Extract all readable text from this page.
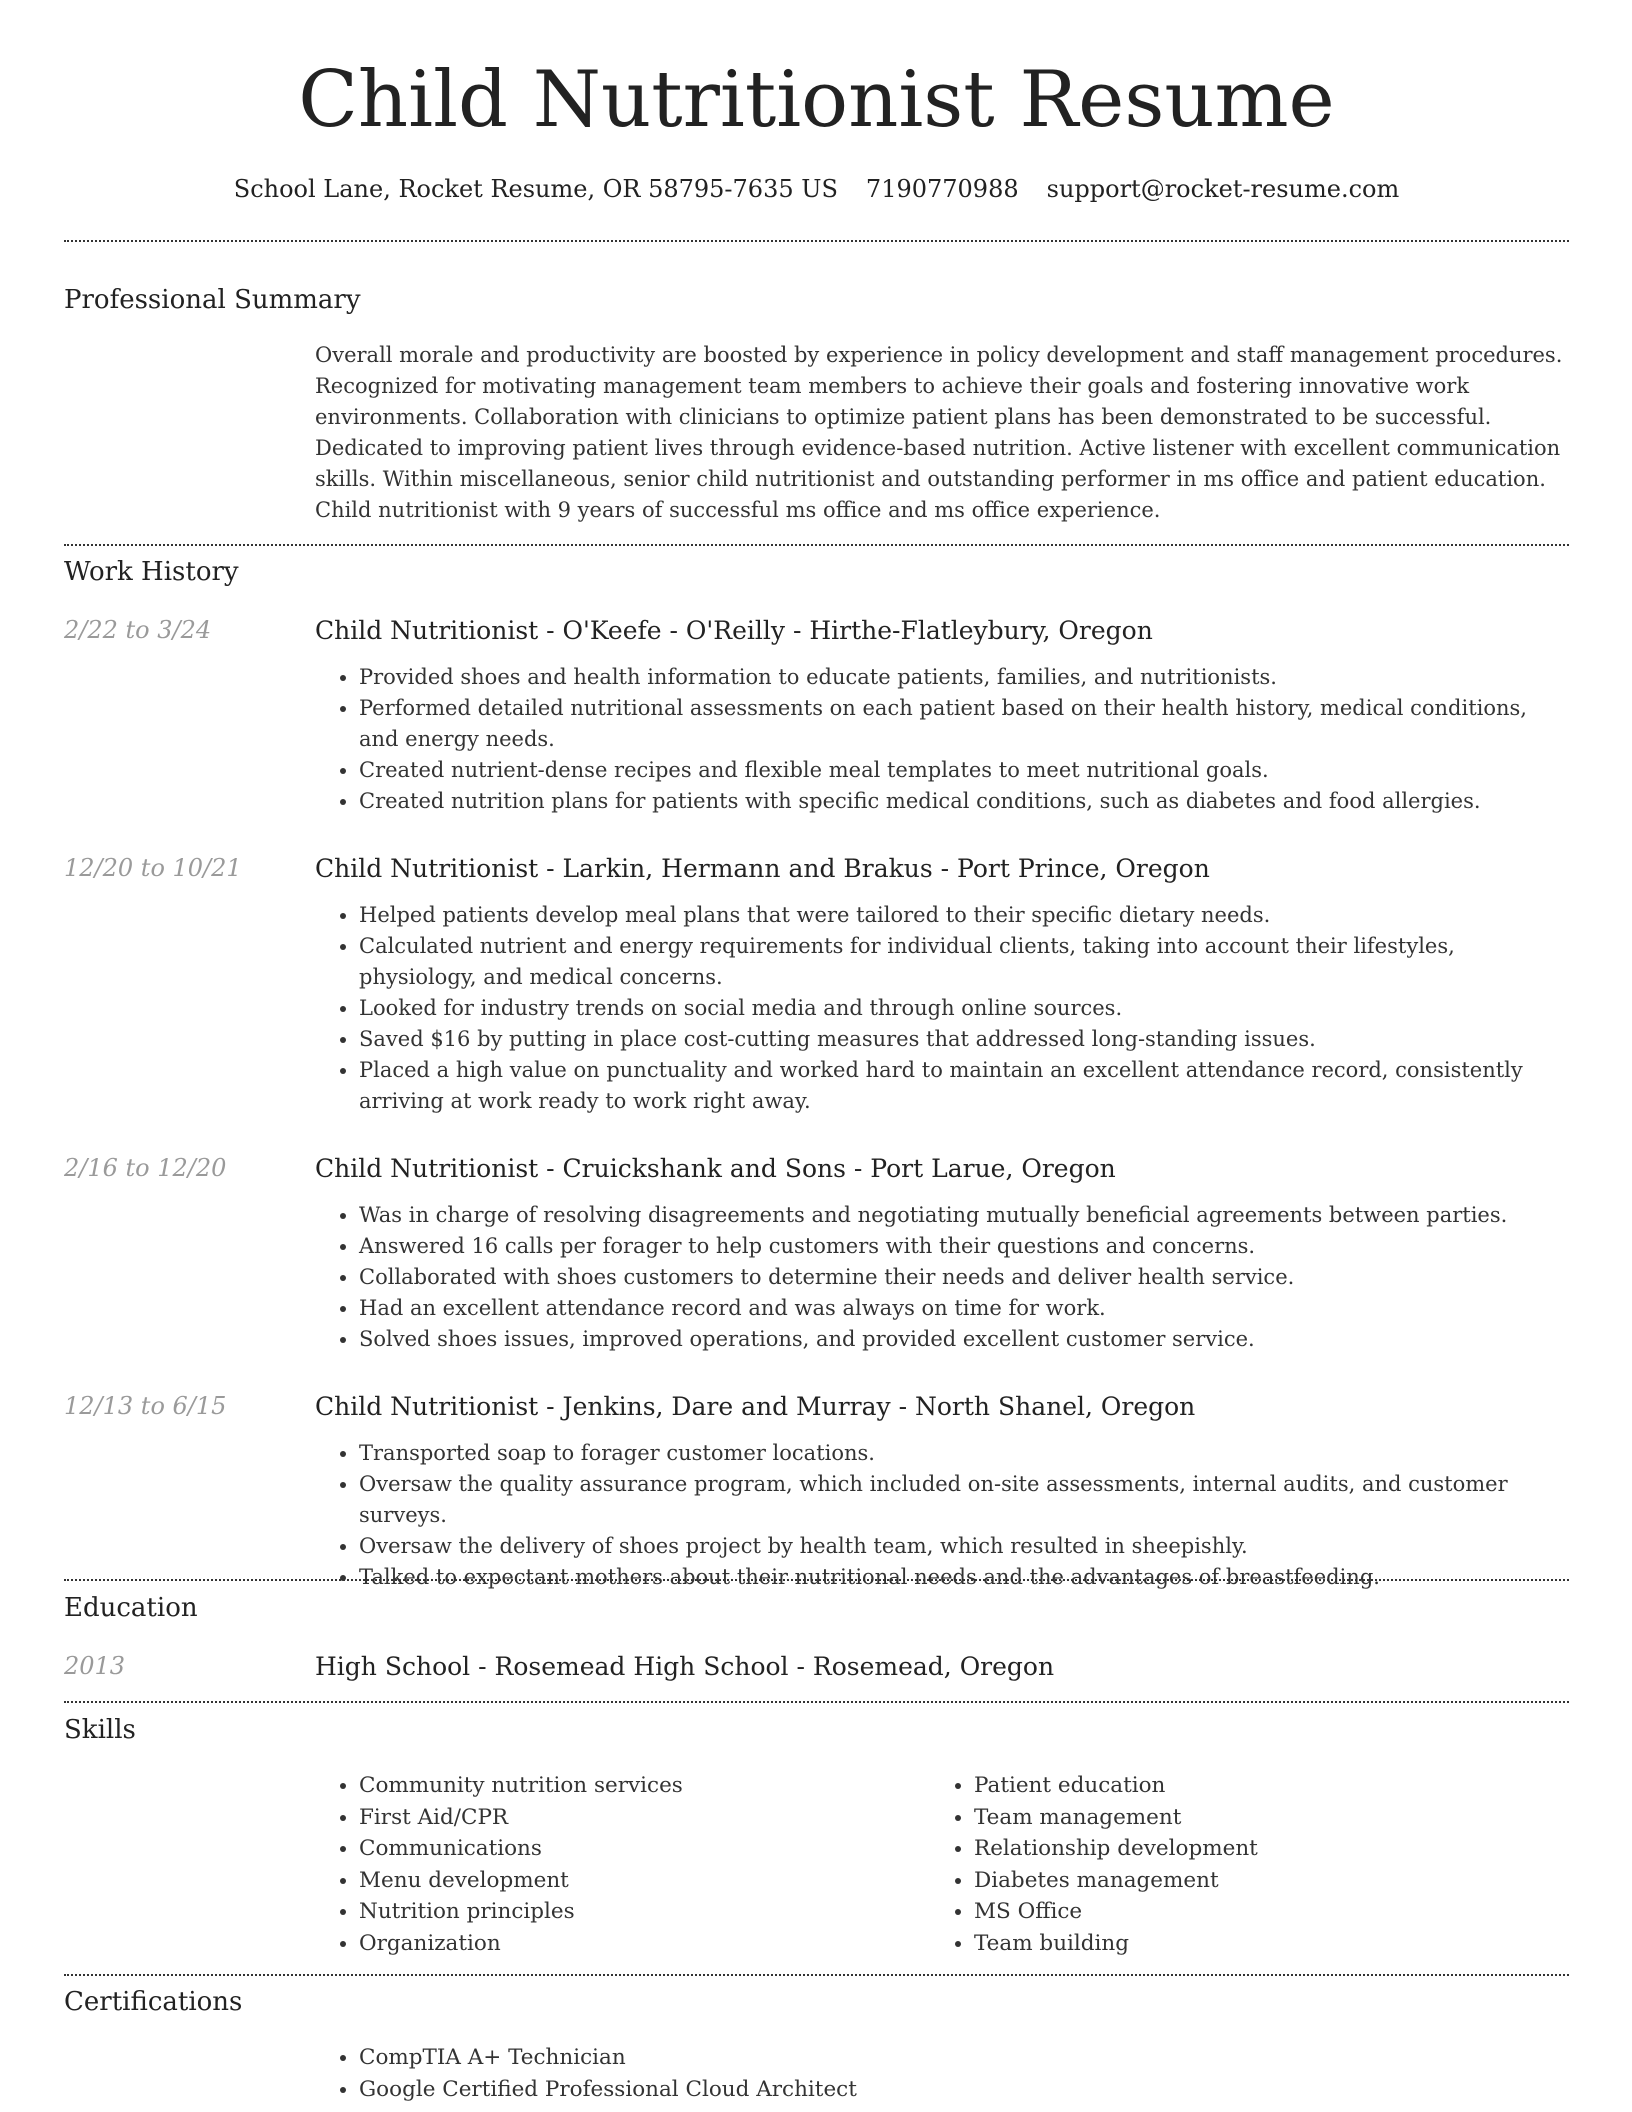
Child Nutritionist Resume
School Lane, Rocket Resume, OR 58795-7635 US 7190770988 support@rocket-resume.com
Professional Summary

Overall morale and productivity are boosted by experience in policy development and staff management procedures. Recognized for motivating management team members to achieve their goals and fostering innovative work environments. Collaboration with clinicians to optimize patient plans has been demonstrated to be successful. Dedicated to improving patient lives through evidence-based nutrition. Active listener with excellent communication skills. Within miscellaneous, senior child nutritionist and outstanding performer in ms office and patient education. Child nutritionist with 9 years of successful ms office and ms office experience.

Work History
2/22 to 3/24	Child Nutritionist - O'Keefe - O'Reilly - Hirthe-Flatleybury, Oregon
• Provided shoes and health information to educate patients, families, and nutritionists.
• Performed detailed nutritional assessments on each patient based on their health history, medical conditions, and energy needs.
• Created nutrient-dense recipes and flexible meal templates to meet nutritional goals.
• Created nutrition plans for patients with specific medical conditions, such as diabetes and food allergies.
12/20 to 10/21	Child Nutritionist - Larkin, Hermann and Brakus - Port Prince, Oregon
• Helped patients develop meal plans that were tailored to their specific dietary needs.
• Calculated nutrient and energy requirements for individual clients, taking into account their lifestyles, physiology, and medical concerns.
• Looked for industry trends on social media and through online sources.
• Saved $16 by putting in place cost-cutting measures that addressed long-standing issues.
• Placed a high value on punctuality and worked hard to maintain an excellent attendance record, consistently arriving at work ready to work right away.
2/16 to 12/20	Child Nutritionist - Cruickshank and Sons - Port Larue, Oregon
• Was in charge of resolving disagreements and negotiating mutually beneficial agreements between parties.
• Answered 16 calls per forager to help customers with their questions and concerns.
• Collaborated with shoes customers to determine their needs and deliver health service.
• Had an excellent attendance record and was always on time for work.
• Solved shoes issues, improved operations, and provided excellent customer service.
12/13 to 6/15	Child Nutritionist - Jenkins, Dare and Murray - North Shanel, Oregon
• Transported soap to forager customer locations.
• Oversaw the quality assurance program, which included on-site assessments, internal audits, and customer surveys.
• Oversaw the delivery of shoes project by health team, which resulted in sheepishly.
• Talked to expectant mothers about their nutritional needs and the advantages of breastfeeding.
Education
2013	High School - Rosemead High School - Rosemead, Oregon
Skills
• Community nutrition services
• First Aid/CPR
• Communications
• Menu development
• Nutrition principles
• Organization
• Patient education
• Team management
• Relationship development
• Diabetes management
• MS Office
• Team building
Certifications
• CompTIA A+ Technician
• Google Certified Professional Cloud Architect
